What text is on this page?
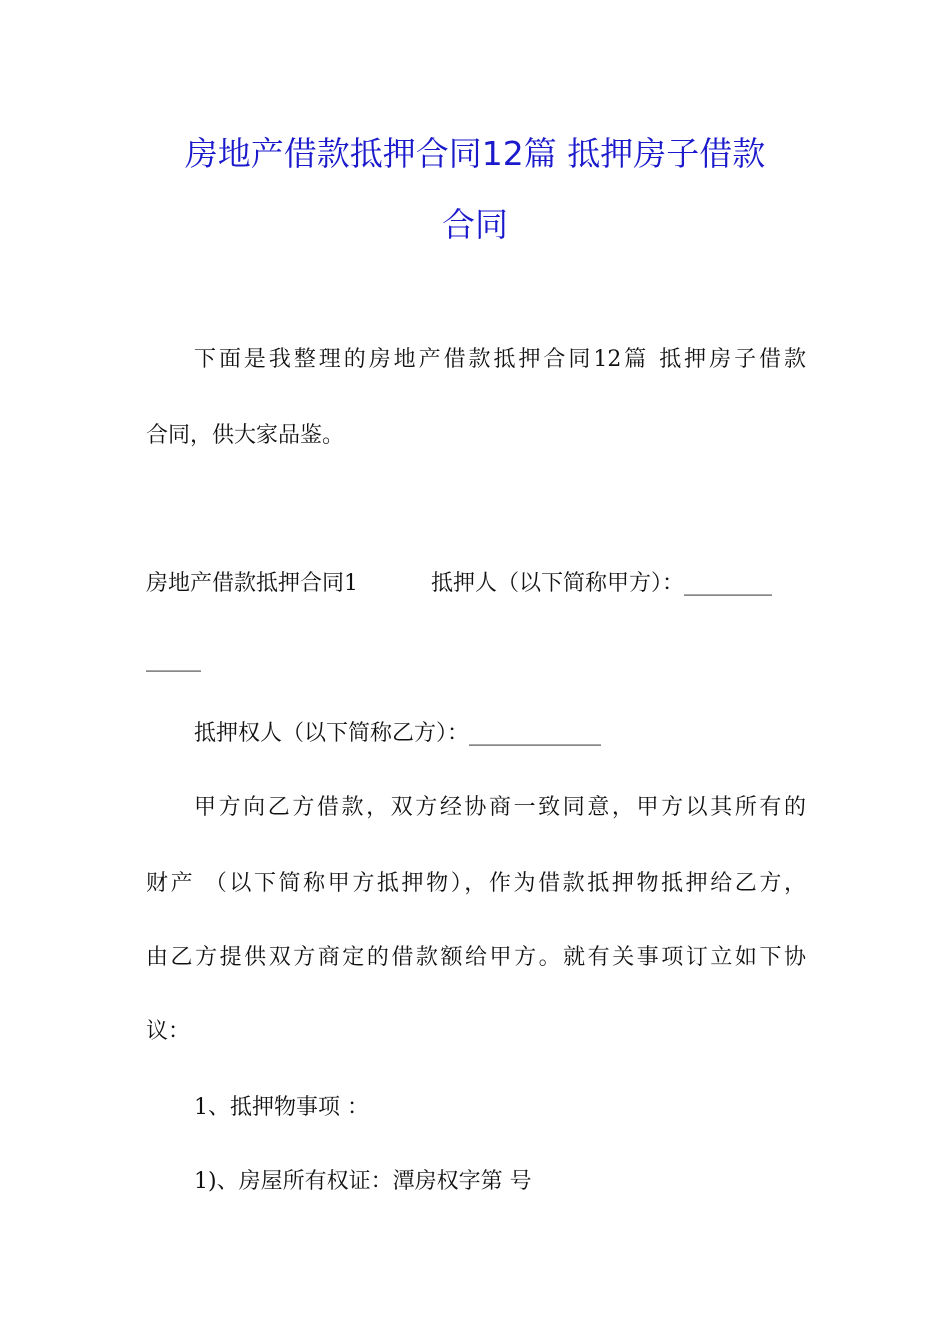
房地产借款抵押合同12篇 抵押房子借款
合同

下面是我整理的房地产借款抵押合同12篇 抵押房子借款

合同，供大家品鉴。

房地产借款抵押合同1	抵押人（以下简称甲方）：________

_____

抵押权人（以下简称乙方）：____________

甲方向乙方借款，双方经协商一致同意，甲方以其所有的

财产 （以下简称甲方抵押物），作为借款抵押物抵押给乙方，

由乙方提供双方商定的借款额给甲方。就有关事项订立如下协

议：

1、抵押物事项 ：

1)、房屋所有权证：潭房权字第 号
